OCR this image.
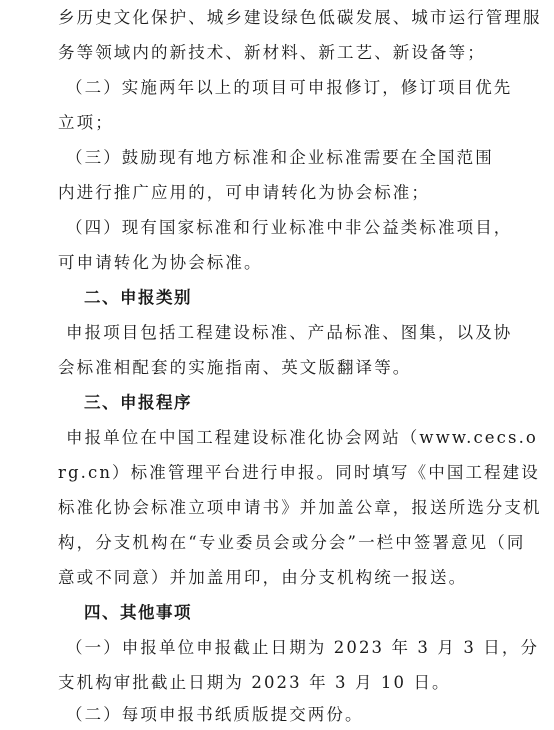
乡历史文化保护、城乡建设绿色低碳发展、城市运行管理服
务等领域内的新技术、新材料、新工艺、新设备等；
（二）实施两年以上的项目可申报修订，修订项目优先
立项；
（三）鼓励现有地方标准和企业标准需要在全国范围
内进行推广应用的，可申请转化为协会标准；
（四）现有国家标准和行业标准中非公益类标准项目，
可申请转化为协会标准。
二、申报类别
申报项目包括工程建设标准、产品标准、图集，以及协
会标准相配套的实施指南、英文版翻译等。
三、申报程序
申报单位在中国工程建设标准化协会网站（www.cecs.o
rg.cn）标准管理平台进行申报。同时填写《中国工程建设
标准化协会标准立项申请书》并加盖公章，报送所选分支机
构，分支机构在“专业委员会或分会”一栏中签署意见（同
意或不同意）并加盖用印，由分支机构统一报送。
四、其他事项
（一）申报单位申报截止日期为 2023 年 3 月 3 日，分
支机构审批截止日期为 2023 年 3 月 10 日。
（二）每项申报书纸质版提交两份。
